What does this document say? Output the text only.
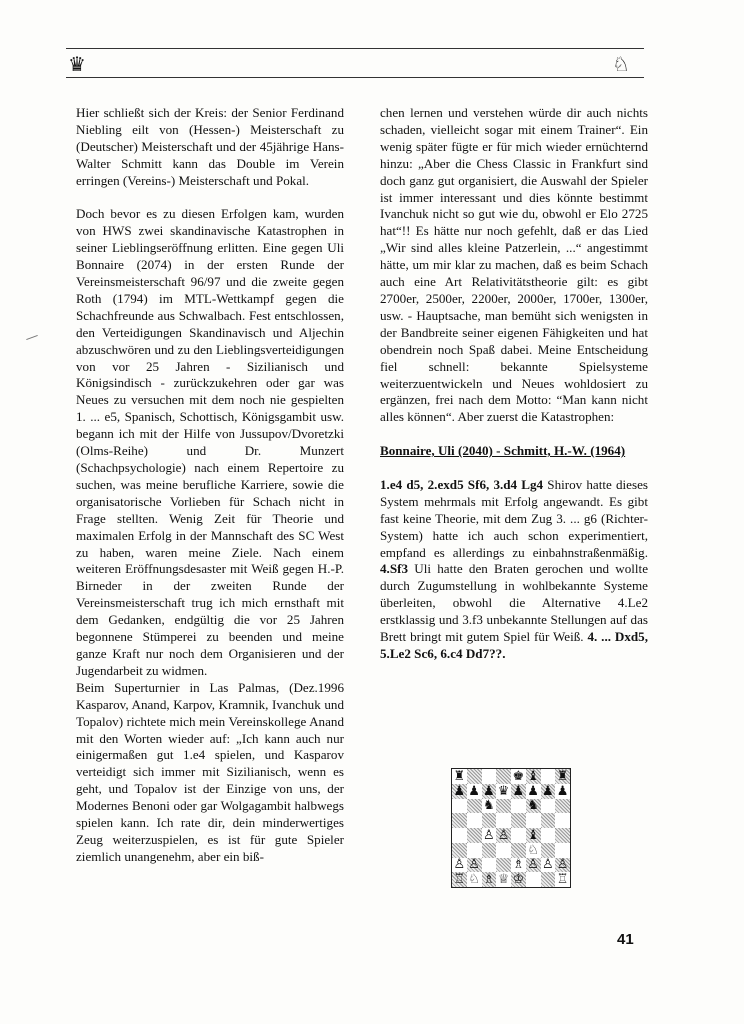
♛	♘

Hier schließt sich der Kreis: der Senior Ferdinand Niebling eilt von (Hessen-) Meisterschaft zu (Deutscher) Meisterschaft und der 45jährige Hans-Walter Schmitt kann das Double im Verein erringen (Vereins-) Meisterschaft und Pokal.

Doch bevor es zu diesen Erfolgen kam, wurden von HWS zwei skandinavische Katastrophen in seiner Lieblingseröffnung erlitten. Eine gegen Uli Bonnaire (2074) in der ersten Runde der Vereinsmeisterschaft 96/97 und die zweite gegen Roth (1794) im MTL-Wettkampf gegen die Schachfreunde aus Schwalbach. Fest entschlossen, den Verteidigungen Skandinavisch und Aljechin abzuschwören und zu den Lieblingsverteidigungen von vor 25 Jahren - Sizilianisch und Königsindisch - zurückzukehren oder gar was Neues zu versuchen mit dem noch nie gespielten 1. ... e5, Spanisch, Schottisch, Königsgambit usw. begann ich mit der Hilfe von Jussupov/Dvoretzki (Olms-Reihe) und Dr. Munzert (Schachpsychologie) nach einem Repertoire zu suchen, was meine berufliche Karriere, sowie die organisatorische Vorlieben für Schach nicht in Frage stellten. Wenig Zeit für Theorie und maximalen Erfolg in der Mannschaft des SC West zu haben, waren meine Ziele. Nach einem weiteren Eröffnungsdesaster mit Weiß gegen H.-P. Birneder in der zweiten Runde der Vereinsmeisterschaft trug ich mich ernsthaft mit dem Gedanken, endgültig die vor 25 Jahren begonnene Stümperei zu beenden und meine ganze Kraft nur noch dem Organisieren und der Jugendarbeit zu widmen.

Beim Superturnier in Las Palmas, (Dez.1996 Kasparov, Anand, Karpov, Kramnik, Ivanchuk und Topalov) richtete mich mein Vereinskollege Anand mit den Worten wieder auf: „Ich kann auch nur einigermaßen gut 1.e4 spielen, und Kasparov verteidigt sich immer mit Sizilianisch, wenn es geht, und Topalov ist der Einzige von uns, der Modernes Benoni oder gar Wolgagambit halbwegs spielen kann. Ich rate dir, dein minderwertiges Zeug weiterzuspielen, es ist für gute Spieler ziemlich unangenehm, aber ein biß-

chen lernen und verstehen würde dir auch nichts schaden, vielleicht sogar mit einem Trainer“. Ein wenig später fügte er für mich wieder ernüchternd hinzu: „Aber die Chess Classic in Frankfurt sind doch ganz gut organisiert, die Auswahl der Spieler ist immer interessant und dies könnte bestimmt Ivanchuk nicht so gut wie du, obwohl er Elo 2725 hat“!! Es hätte nur noch gefehlt, daß er das Lied „Wir sind alles kleine Patzerlein, ...“ angestimmt hätte, um mir klar zu machen, daß es beim Schach auch eine Art Relativitätstheorie gilt: es gibt 2700er, 2500er, 2200er, 2000er, 1700er, 1300er, usw. - Hauptsache, man bemüht sich wenigsten in der Bandbreite seiner eigenen Fähigkeiten und hat obendrein noch Spaß dabei. Meine Entscheidung fiel schnell: bekannte Spielsysteme weiterzuentwickeln und Neues wohldosiert zu ergänzen, frei nach dem Motto: “Man kann nicht alles können“. Aber zuerst die Katastrophen:

Bonnaire, Uli (2040) - Schmitt, H.-W. (1964)

1.e4 d5, 2.exd5 Sf6, 3.d4 Lg4 Shirov hatte dieses System mehrmals mit Erfolg angewandt. Es gibt fast keine Theorie, mit dem Zug 3. ... g6 (Richter-System) hatte ich auch schon experimentiert, empfand es allerdings zu einbahnstraßenmäßig. 4.Sf3 Uli hatte den Braten gerochen und wollte durch Zugumstellung in wohlbekannte Systeme überleiten, obwohl die Alternative 4.Le2 erstklassig und 3.f3 unbekannte Stellungen auf das Brett bringt mit gutem Spiel für Weiß. 4. ... Dxd5, 5.Le2 Sc6, 6.c4 Dd7??.

♜	♚ ♝ ♜
♟ ♟ ♟ ♛ ♟ ♟ ♟ ♟
♞	♞
♙ ♙ ♝
♘
♙ ♙	♗ ♙ ♙ ♙
♖ ♘ ♗ ♕ ♔	♖
41
